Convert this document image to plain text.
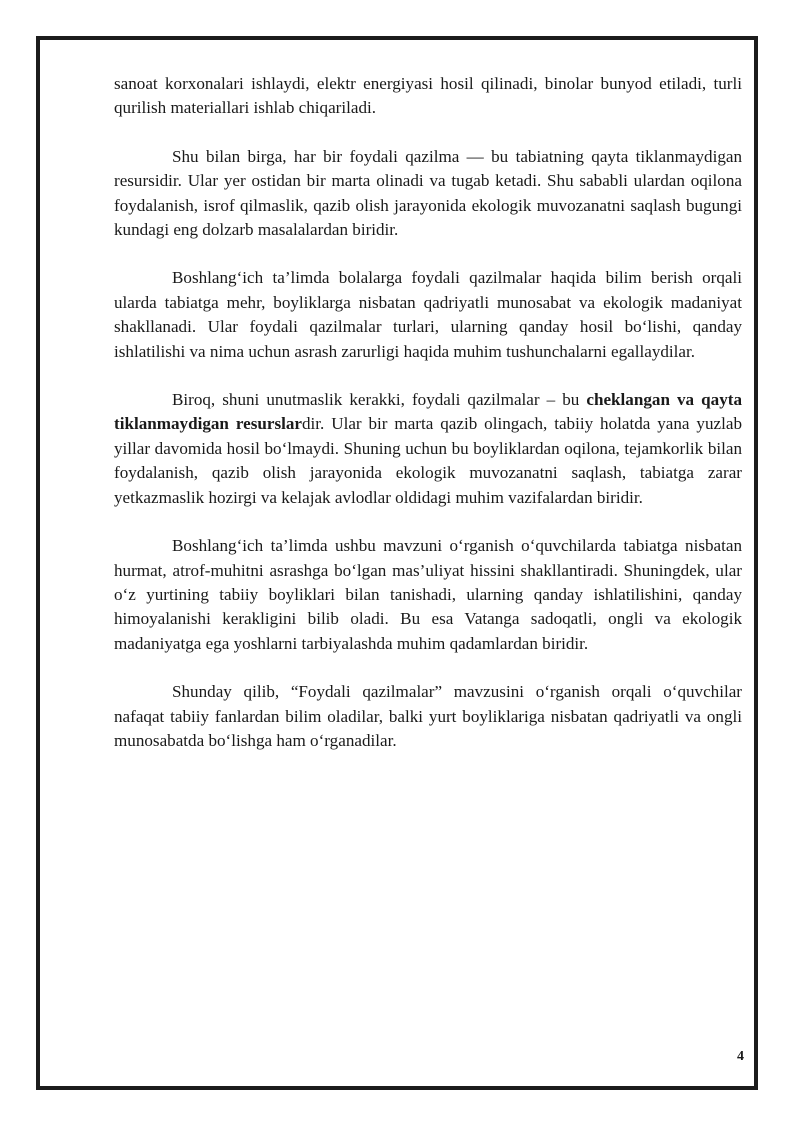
sanoat korxonalari ishlaydi, elektr energiyasi hosil qilinadi, binolar bunyod etiladi, turli qurilish materiallari ishlab chiqariladi.

Shu bilan birga, har bir foydali qazilma — bu tabiatning qayta tiklanmaydigan resursidir. Ular yer ostidan bir marta olinadi va tugab ketadi. Shu sababli ulardan oqilona foydalanish, isrof qilmaslik, qazib olish jarayonida ekologik muvozanatni saqlash bugungi kundagi eng dolzarb masalalardan biridir.

Boshlang‘ich ta’limda bolalarga foydali qazilmalar haqida bilim berish orqali ularda tabiatga mehr, boyliklarga nisbatan qadriyatli munosabat va ekologik madaniyat shakllanadi. Ular foydali qazilmalar turlari, ularning qanday hosil bo‘lishi, qanday ishlatilishi va nima uchun asrash zarurligi haqida muhim tushunchalarni egallaydilar.

Biroq, shuni unutmaslik kerakki, foydali qazilmalar – bu cheklangan va qayta tiklanmaydigan resurslardir. Ular bir marta qazib olingach, tabiiy holatda yana yuzlab yillar davomida hosil bo‘lmaydi. Shuning uchun bu boyliklardan oqilona, tejamkorlik bilan foydalanish, qazib olish jarayonida ekologik muvozanatni saqlash, tabiatga zarar yetkazmaslik hozirgi va kelajak avlodlar oldidagi muhim vazifalardan biridir.

Boshlang‘ich ta’limda ushbu mavzuni o‘rganish o‘quvchilarda tabiatga nisbatan hurmat, atrof-muhitni asrashga bo‘lgan mas’uliyat hissini shakllantiradi. Shuningdek, ular o‘z yurtining tabiiy boyliklari bilan tanishadi, ularning qanday ishlatilishini, qanday himoyalanishi kerakligini bilib oladi. Bu esa Vatanga sadoqatli, ongli va ekologik madaniyatga ega yoshlarni tarbiyalashda muhim qadamlardan biridir.

Shunday qilib, “Foydali qazilmalar” mavzusini o‘rganish orqali o‘quvchilar nafaqat tabiiy fanlardan bilim oladilar, balki yurt boyliklariga nisbatan qadriyatli va ongli munosabatda bo‘lishga ham o‘rganadilar.

4
